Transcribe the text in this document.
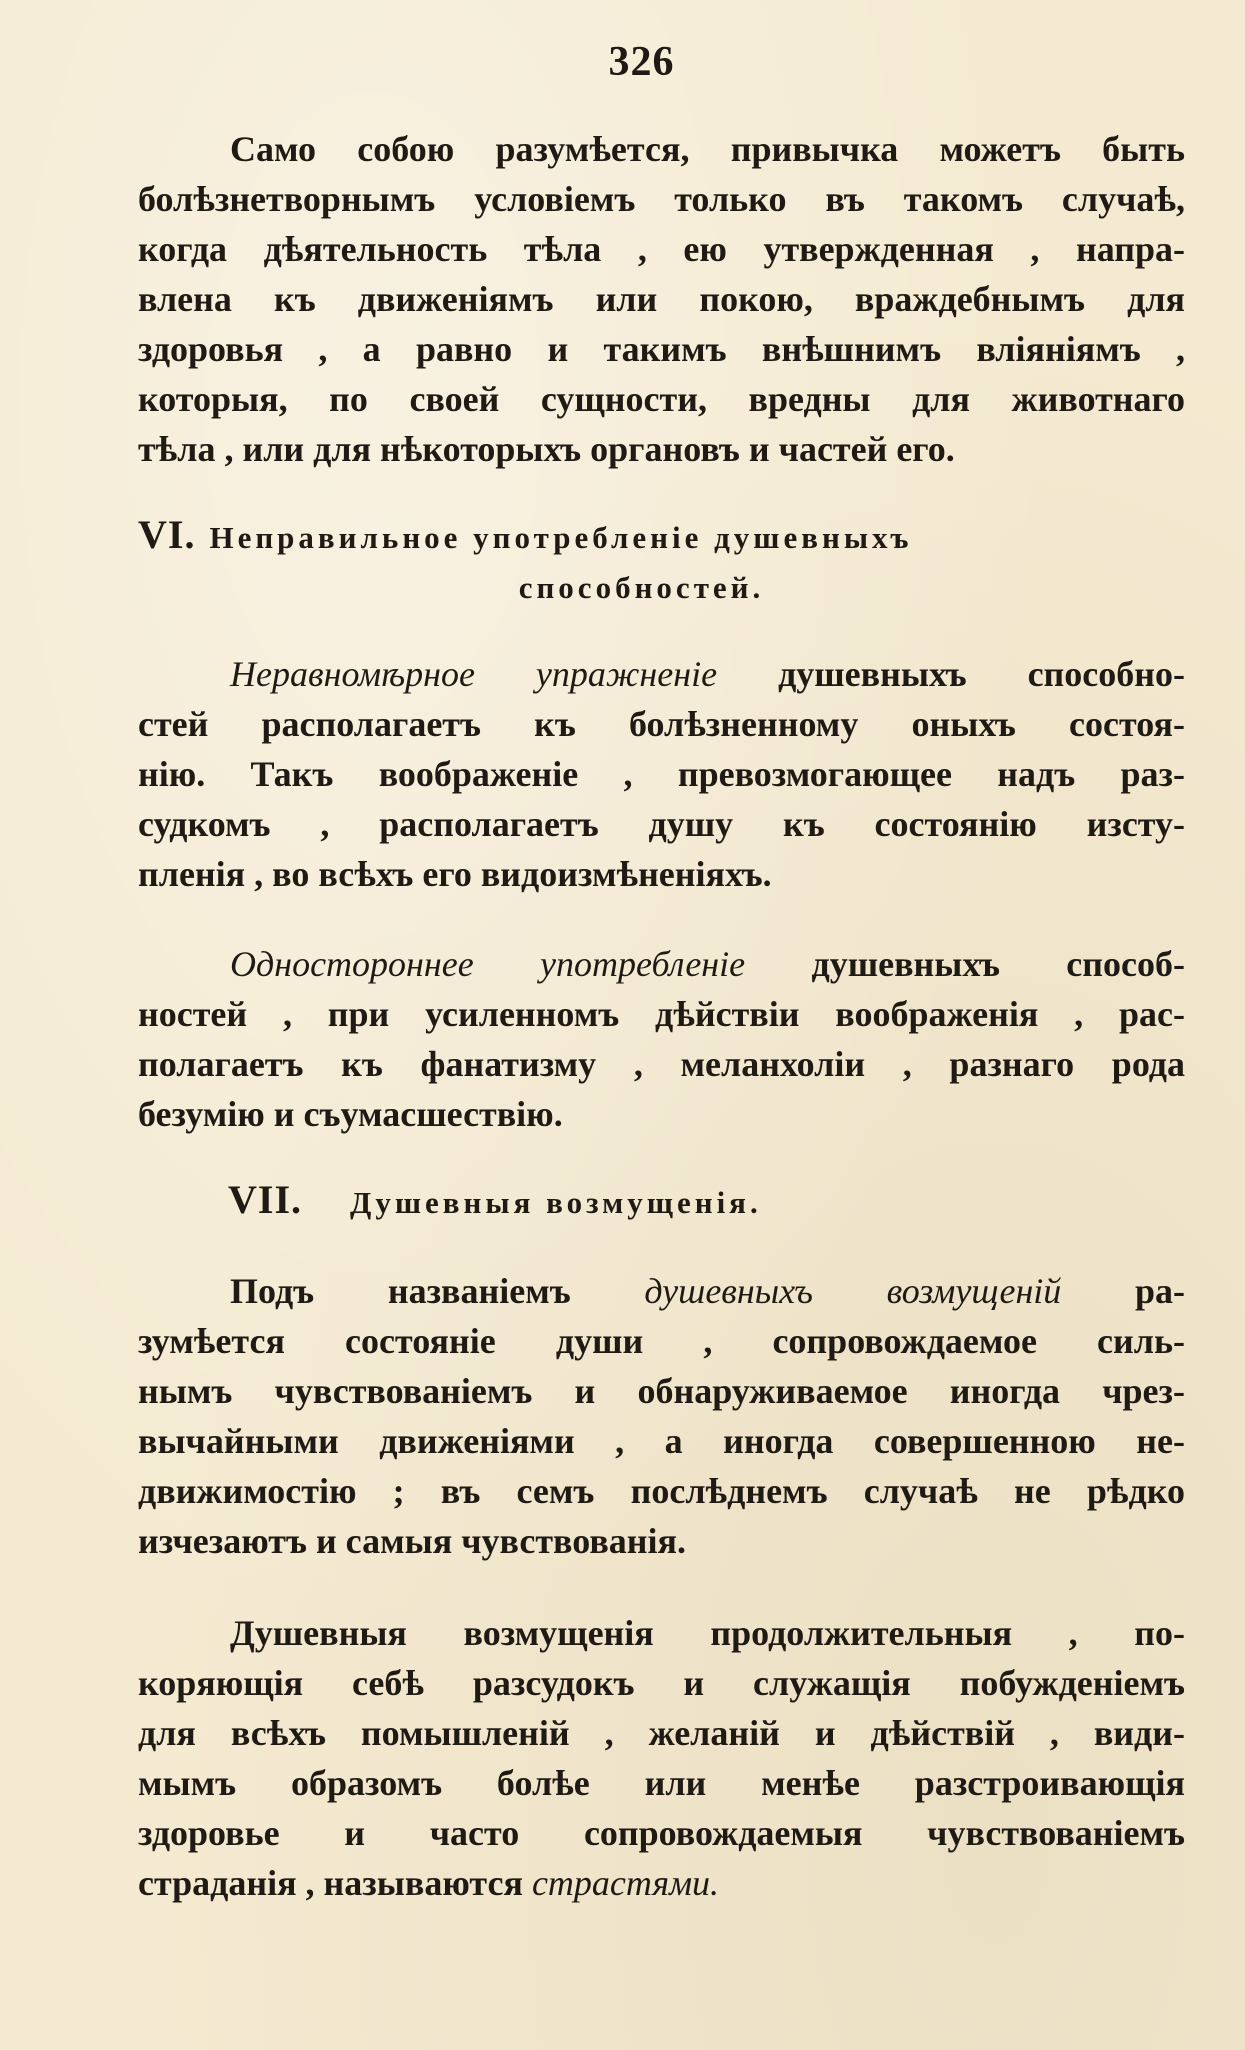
326
Само собою разумѣется, привычка можетъ быть
болѣзнетворнымъ условіемъ только въ такомъ случаѣ,
когда дѣятельность тѣла , ею утвержденная , напра-
влена къ движеніямъ или покою, враждебнымъ для
здоровья , а равно и такимъ внѣшнимъ вліяніямъ ,
которыя, по своей сущности, вредны для животнаго
тѣла , или для нѣкоторыхъ органовъ и частей его.
VI. Неправильное употребленіе душевныхъ
способностей.
Неравномѣрное упражненіе душевныхъ способно-
стей располагаетъ къ болѣзненному оныхъ состоя-
нію. Такъ воображеніе , превозмогающее надъ раз-
судкомъ , располагаетъ душу къ состоянію изсту-
пленія , во всѣхъ его видоизмѣненіяхъ.
Одностороннее употребленіе душевныхъ способ-
ностей , при усиленномъ дѣйствіи воображенія , рас-
полагаетъ къ фанатизму , меланхоліи , разнаго рода
безумію и съумасшествію.
VII. Душевныя возмущенія.
Подъ названіемъ душевныхъ возмущеній ра-
зумѣется состояніе души , сопровождаемое силь-
нымъ чувствованіемъ и обнаруживаемое иногда чрез-
вычайными движеніями , а иногда совершенною не-
движимостію ; въ семъ послѣднемъ случаѣ не рѣдко
изчезаютъ и самыя чувствованія.
Душевныя возмущенія продолжительныя , по-
коряющія себѣ разсудокъ и служащія побужденіемъ
для всѣхъ помышленій , желаній и дѣйствій , види-
мымъ образомъ болѣе или менѣе разстроивающія
здоровье и часто сопровождаемыя чувствованіемъ
страданія , называются страстями.
